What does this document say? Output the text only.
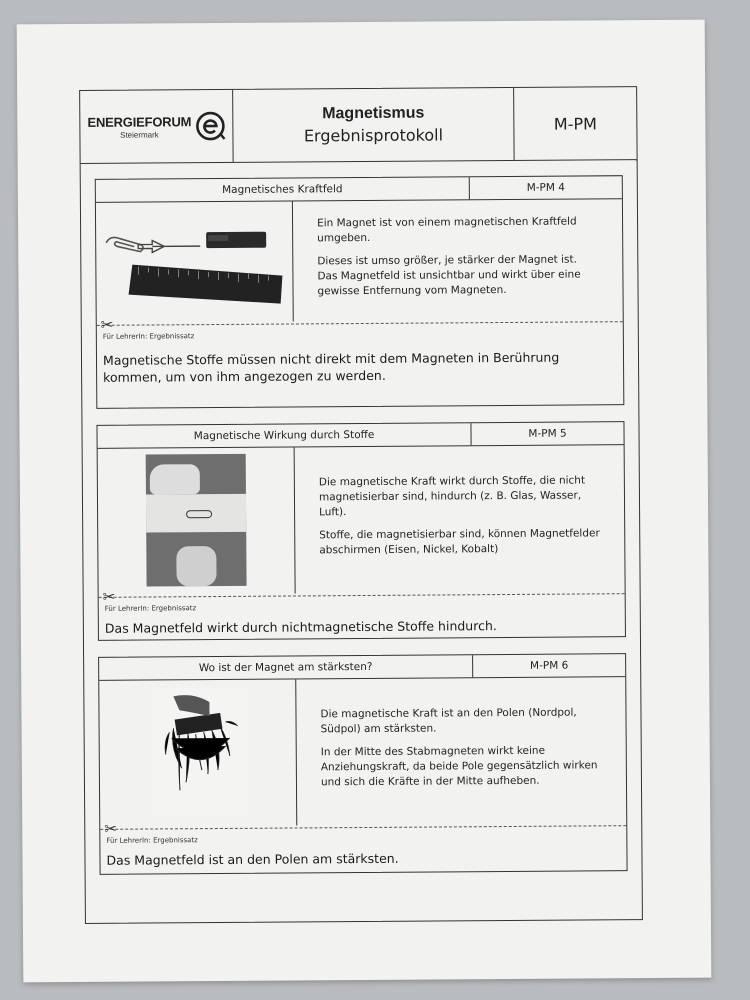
ENERGIEFORUM
Steiermark
Magnetismus
Ergebnisprotokoll
M-PM
Magnetisches Kraftfeld	M-PM 4

Ein Magnet ist von einem magnetischen Kraftfeld umgeben.

Dieses ist umso größer, je stärker der Magnet ist. Das Magnetfeld ist unsichtbar und wirkt über eine gewisse Entfernung vom Magneten.

✂
Für LehrerIn: Ergebnissatz
Magnetische Stoffe müssen nicht direkt mit dem Magneten in Berührung kommen, um von ihm angezogen zu werden.
Magnetische Wirkung durch Stoffe	M-PM 5

Die magnetische Kraft wirkt durch Stoffe, die nicht magnetisierbar sind, hindurch (z. B. Glas, Wasser, Luft).

Stoffe, die magnetisierbar sind, können Magnetfelder abschirmen (Eisen, Nickel, Kobalt)

✂
Für LehrerIn: Ergebnissatz
Das Magnetfeld wirkt durch nichtmagnetische Stoffe hindurch.
Wo ist der Magnet am stärksten?	M-PM 6

Die magnetische Kraft ist an den Polen (Nordpol, Südpol) am stärksten.

In der Mitte des Stabmagneten wirkt keine Anziehungskraft, da beide Pole gegensätzlich wirken und sich die Kräfte in der Mitte aufheben.

✂
Für LehrerIn: Ergebnissatz
Das Magnetfeld ist an den Polen am stärksten.
